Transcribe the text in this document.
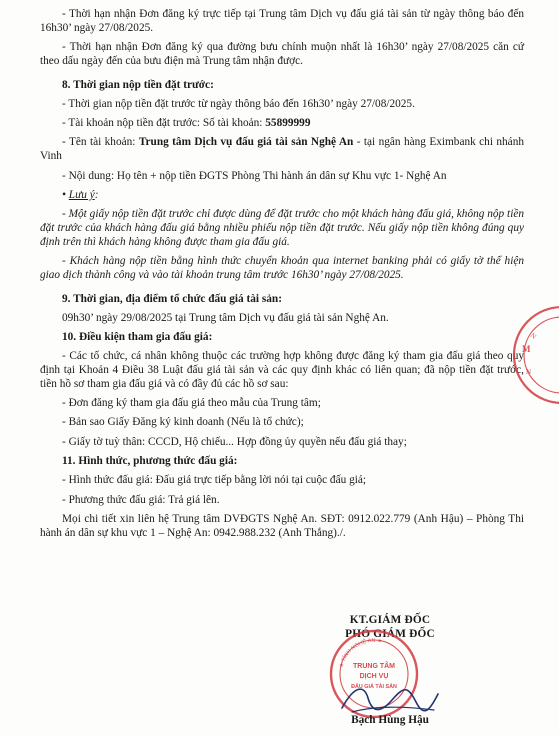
- Thời hạn nhận Đơn đăng ký trực tiếp tại Trung tâm Dịch vụ đấu giá tài sản từ ngày thông báo đến 16h30’ ngày 27/08/2025.

- Thời hạn nhận Đơn đăng ký qua đường bưu chính muộn nhất là 16h30’ ngày 27/08/2025 căn cứ theo dấu ngày đến của bưu điện mà Trung tâm nhận được.

8. Thời gian nộp tiền đặt trước:

- Thời gian nộp tiền đặt trước từ ngày thông báo đến 16h30’ ngày 27/08/2025.

- Tài khoản nộp tiền đặt trước: Số tài khoản: 55899999

- Tên tài khoản: Trung tâm Dịch vụ đấu giá tài sản Nghệ An - tại ngân hàng Eximbank chi nhánh Vinh

- Nội dung: Họ tên + nộp tiền ĐGTS Phòng Thi hành án dân sự Khu vực 1- Nghệ An

• Lưu ý:

- Một giấy nộp tiền đặt trước chỉ được dùng để đặt trước cho một khách hàng đấu giá, không nộp tiền đặt trước của khách hàng đấu giá bằng nhiều phiếu nộp tiền đặt trước. Nếu giấy nộp tiền không đúng quy định trên thì khách hàng không được tham gia đấu giá.

- Khách hàng nộp tiền bằng hình thức chuyển khoản qua internet banking phải có giấy tờ thể hiện giao dịch thành công và vào tài khoản trung tâm trước 16h30’ ngày 27/08/2025.

9. Thời gian, địa điểm tổ chức đấu giá tài sản:

09h30’ ngày 29/08/2025 tại Trung tâm Dịch vụ đấu giá tài sản Nghệ An.

10. Điều kiện tham gia đấu giá:

- Các tổ chức, cá nhân không thuộc các trường hợp không được đăng ký tham gia đấu giá theo quy định tại Khoản 4 Điều 38 Luật đấu giá tài sản và các quy định khác có liên quan; đã nộp tiền đặt trước, tiền hồ sơ tham gia đấu giá và có đầy đủ các hồ sơ sau:

- Đơn đăng ký tham gia đấu giá theo mẫu của Trung tâm;

- Bản sao Giấy Đăng ký kinh doanh (Nếu là tổ chức);

- Giấy tờ tuỳ thân: CCCD, Hộ chiếu... Hợp đồng ủy quyền nếu đấu giá thay;

11. Hình thức, phương thức đấu giá:

- Hình thức đấu giá: Đấu giá trực tiếp bằng lời nói tại cuộc đấu giá;

- Phương thức đấu giá: Trả giá lên.

Mọi chi tiết xin liên hệ Trung tâm DVĐGTS Nghệ An. SĐT: 0912.022.779 (Anh Hậu) – Phòng Thi hành án dân sự khu vực 1 – Nghệ An: 0942.988.232 (Anh Thắng)./.

M
N
N

KT.GIÁM ĐỐC

PHÓ GIÁM ĐỐC

★ TỈNH NGHỆ AN ★
TRUNG TÂM
DỊCH VỤ
ĐẤU GIÁ TÀI SẢN

Bạch Hùng Hậu
